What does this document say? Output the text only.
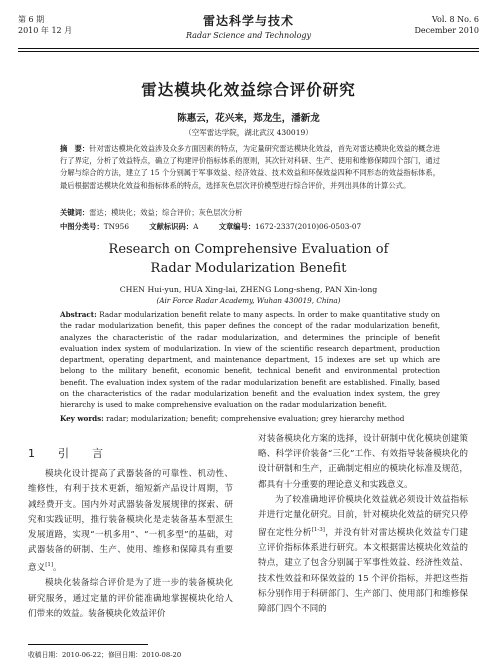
第 6 期
2010 年 12 月
雷达科学与技术
Radar Science and Technology
Vol. 8 No. 6
December 2010
雷达模块化效益综合评价研究
陈惠云，花兴来，郑龙生，潘新龙
（空军雷达学院，湖北武汉 430019）
摘　要：针对雷达模块化效益涉及众多方面因素的特点，为定量研究雷达模块化效益，首先对雷达模块化效益的概念进行了界定，分析了效益特点，确立了构建评价指标体系的原则，其次针对科研、生产、使用和维修保障四个部门，通过分解与综合的方法，建立了 15 个分别属于军事效益、经济效益、技术效益和环保效益四种不同形态的效益指标体系，最后根据雷达模块化效益和指标体系的特点，选择灰色层次评价模型进行综合评价，并列出具体的计算公式。
关键词：雷达；模块化；效益；综合评价；灰色层次分析
中图分类号：TN956	文献标识码：A	文章编号：1672-2337(2010)06-0503-07
Research on Comprehensive Evaluation of
Radar Modularization Benefit
CHEN Hui-yun, HUA Xing-lai, ZHENG Long-sheng, PAN Xin-long
(Air Force Radar Academy, Wuhan 430019, China)
Abstract: Radar modularization benefit relate to many aspects. In order to make quantitative study on the radar modularization benefit, this paper defines the concept of the radar modularization benefit, analyzes the characteristic of the radar modularization, and determines the principle of benefit evaluation index system of modularization. In view of the scientific research department, production department, operating department, and maintenance department, 15 indexes are set up which are belong to the military benefit, economic benefit, technical benefit and environmental protection benefit. The evaluation index system of the radar modularization benefit are established. Finally, based on the characteristics of the radar modularization benefit and the evaluation index system, the grey hierarchy is used to make comprehensive evaluation on the radar modularization benefit.
Key words: radar; modularization; benefit; comprehensive evaluation; grey hierarchy method
1　引　言

模块化设计提高了武器装备的可靠性、机动性、维修性，有利于技术更新，缩短新产品设计周期，节减经费开支。国内外对武器装备发展规律的探索、研究和实践证明，推行装备模块化是走装备基本型派生发展道路，实现“一机多用”、“一机多型”的基础，对武器装备的研制、生产、使用、维修和保障具有重要意义[1]。

模块化装备综合评价是为了进一步的装备模块化研究服务，通过定量的评价能准确地掌握模块化给人们带来的效益。装备模块化效益评价

对装备模块化方案的选择，设计研制中优化模块创建策略、科学评价装备“三化”工作、有效指导装备模块化的设计研制和生产，正确制定相应的模块化标准及规范，都具有十分重要的理论意义和实践意义。

为了较准确地评价模块化效益就必须设计效益指标并进行定量化研究。目前，针对模块化效益的研究只停留在定性分析[1-3]，并没有针对雷达模块化效益专门建立评价指标体系进行研究。本文根据雷达模块化效益的特点，建立了包含分别属于军事性效益、经济性效益、技术性效益和环保效益的 15 个评价指标，并把这些指标分别作用于科研部门、生产部门、使用部门和维修保障部门四个不同的

收稿日期：2010-06-22；修回日期：2010-08-20
